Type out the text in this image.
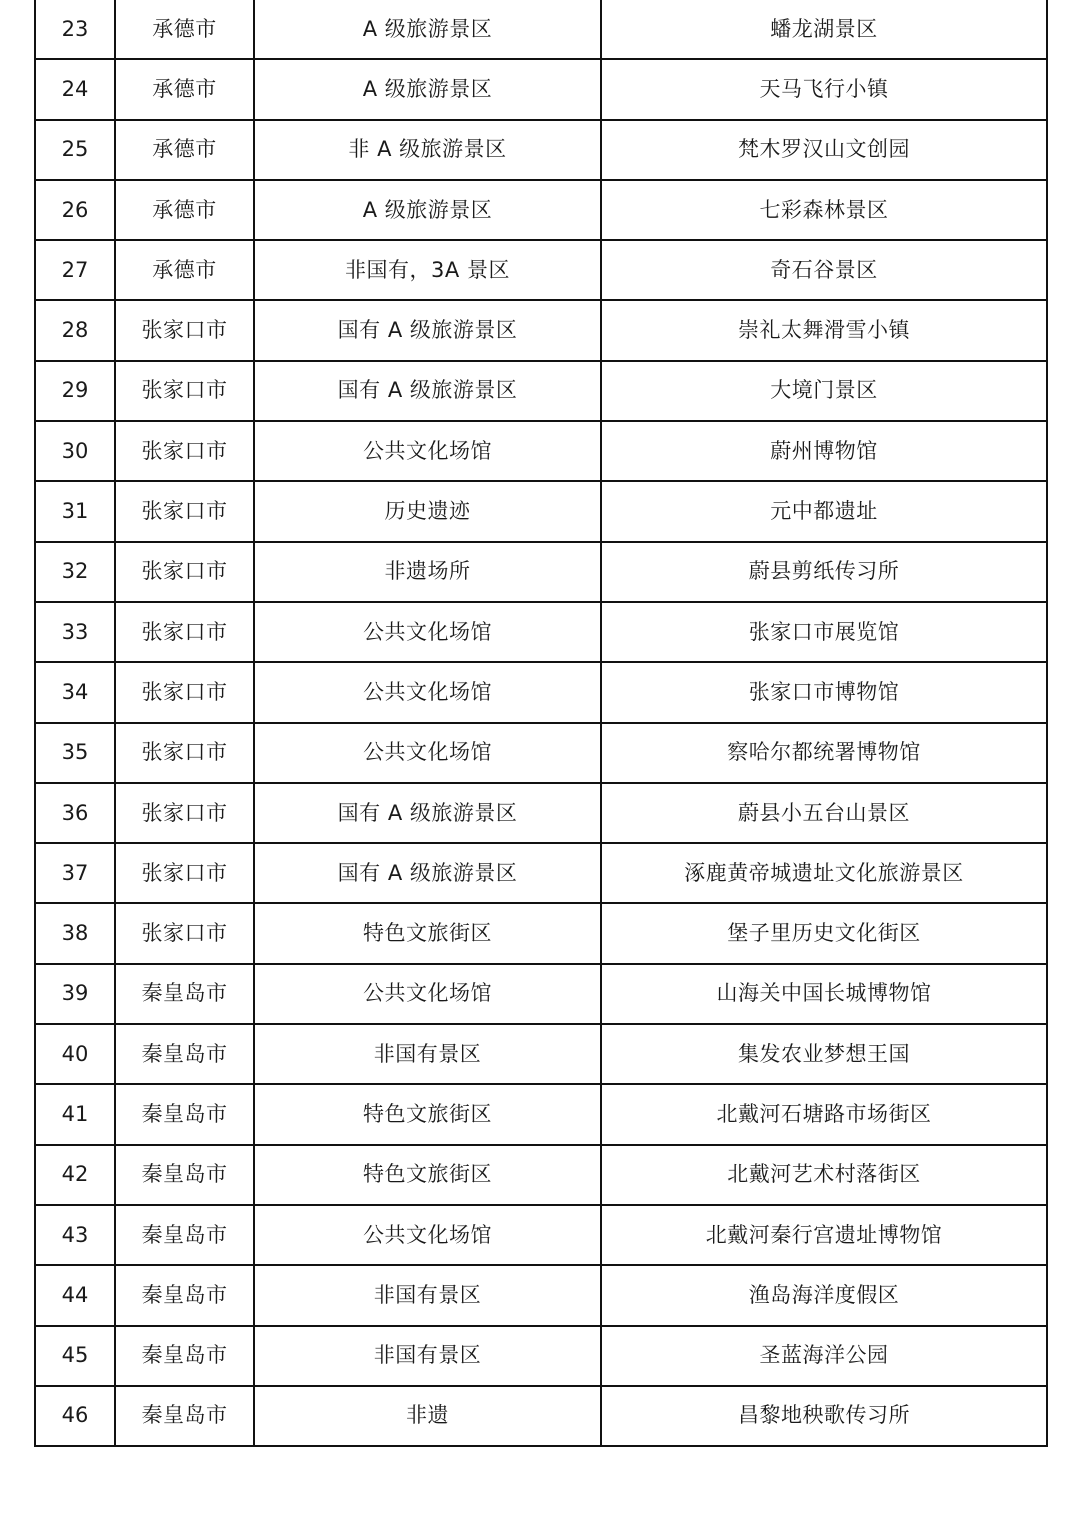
23	承德市	A 级旅游景区	蟠龙湖景区
24	承德市	A 级旅游景区	天马飞行小镇
25	承德市	非 A 级旅游景区	梵木罗汉山文创园
26	承德市	A 级旅游景区	七彩森林景区
27	承德市	非国有，3A 景区	奇石谷景区
28	张家口市	国有 A 级旅游景区	崇礼太舞滑雪小镇
29	张家口市	国有 A 级旅游景区	大境门景区
30	张家口市	公共文化场馆	蔚州博物馆
31	张家口市	历史遗迹	元中都遗址
32	张家口市	非遗场所	蔚县剪纸传习所
33	张家口市	公共文化场馆	张家口市展览馆
34	张家口市	公共文化场馆	张家口市博物馆
35	张家口市	公共文化场馆	察哈尔都统署博物馆
36	张家口市	国有 A 级旅游景区	蔚县小五台山景区
37	张家口市	国有 A 级旅游景区	涿鹿黄帝城遗址文化旅游景区
38	张家口市	特色文旅街区	堡子里历史文化街区
39	秦皇岛市	公共文化场馆	山海关中国长城博物馆
40	秦皇岛市	非国有景区	集发农业梦想王国
41	秦皇岛市	特色文旅街区	北戴河石塘路市场街区
42	秦皇岛市	特色文旅街区	北戴河艺术村落街区
43	秦皇岛市	公共文化场馆	北戴河秦行宫遗址博物馆
44	秦皇岛市	非国有景区	渔岛海洋度假区
45	秦皇岛市	非国有景区	圣蓝海洋公园
46	秦皇岛市	非遗	昌黎地秧歌传习所
